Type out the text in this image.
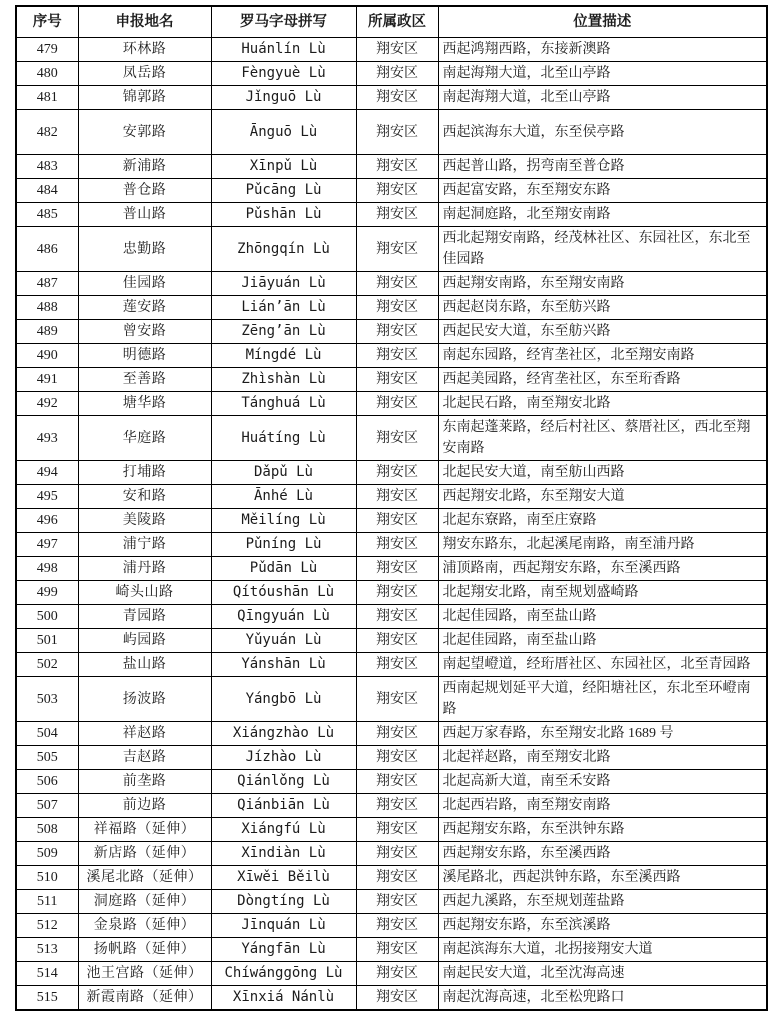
序号	申报地名	罗马字母拼写	所属政区	位置描述
479	环林路	Huánlín Lù	翔安区	西起鸿翔西路，东接新澳路
480	凤岳路	Fèngyuè Lù	翔安区	南起海翔大道，北至山亭路
481	锦郭路	Jǐnguō Lù	翔安区	南起海翔大道，北至山亭路
482	安郭路	Ānguō Lù	翔安区	西起滨海东大道，东至侯亭路
483	新浦路	Xīnpǔ Lù	翔安区	西起普山路，拐弯南至普仓路
484	普仓路	Pǔcāng Lù	翔安区	西起富安路，东至翔安东路
485	普山路	Pǔshān Lù	翔安区	南起洞庭路，北至翔安南路
486	忠勤路	Zhōngqín Lù	翔安区	西北起翔安南路，经茂林社区、东园社区，东北至佳园路
487	佳园路	Jiāyuán Lù	翔安区	西起翔安南路，东至翔安南路
488	莲安路	Lián’ān Lù	翔安区	西起赵岗东路，东至舫兴路
489	曾安路	Zēng’ān Lù	翔安区	西起民安大道，东至舫兴路
490	明德路	Míngdé Lù	翔安区	南起东园路，经宵垄社区，北至翔安南路
491	至善路	Zhìshàn Lù	翔安区	西起美园路，经宵垄社区，东至珩香路
492	塘华路	Tánghuá Lù	翔安区	北起民石路，南至翔安北路
493	华庭路	Huátíng Lù	翔安区	东南起蓬莱路，经后村社区、蔡厝社区，西北至翔安南路
494	打埔路	Dǎpǔ Lù	翔安区	北起民安大道，南至舫山西路
495	安和路	Ānhé Lù	翔安区	西起翔安北路，东至翔安大道
496	美陵路	Měilíng Lù	翔安区	北起东寮路，南至庄寮路
497	浦宁路	Pǔníng Lù	翔安区	翔安东路东，北起溪尾南路，南至浦丹路
498	浦丹路	Pǔdān Lù	翔安区	浦顶路南，西起翔安东路，东至溪西路
499	崎头山路	Qítóushān Lù	翔安区	北起翔安北路，南至规划盛崎路
500	青园路	Qīngyuán Lù	翔安区	北起佳园路，南至盐山路
501	屿园路	Yǔyuán Lù	翔安区	北起佳园路，南至盐山路
502	盐山路	Yánshān Lù	翔安区	南起望嶝道，经珩厝社区、东园社区，北至青园路
503	扬波路	Yángbō Lù	翔安区	西南起规划延平大道，经阳塘社区，东北至环嶝南路
504	祥赵路	Xiángzhào Lù	翔安区	西起万家春路，东至翔安北路 1689 号
505	吉赵路	Jízhào Lù	翔安区	北起祥赵路，南至翔安北路
506	前垄路	Qiánlǒng Lù	翔安区	北起高新大道，南至禾安路
507	前边路	Qiánbiān Lù	翔安区	北起西岩路，南至翔安南路
508	祥福路（延伸）	Xiángfú Lù	翔安区	西起翔安东路，东至洪钟东路
509	新店路（延伸）	Xīndiàn Lù	翔安区	西起翔安东路，东至溪西路
510	溪尾北路（延伸）	Xīwěi Běilù	翔安区	溪尾路北，西起洪钟东路，东至溪西路
511	洞庭路（延伸）	Dòngtíng Lù	翔安区	西起九溪路，东至规划莲盐路
512	金泉路（延伸）	Jīnquán Lù	翔安区	西起翔安东路，东至滨溪路
513	扬帆路（延伸）	Yángfān Lù	翔安区	南起滨海东大道，北拐接翔安大道
514	池王宫路（延伸）	Chíwánggōng Lù	翔安区	南起民安大道，北至沈海高速
515	新霞南路（延伸）	Xīnxiá Nánlù	翔安区	南起沈海高速，北至松兜路口
